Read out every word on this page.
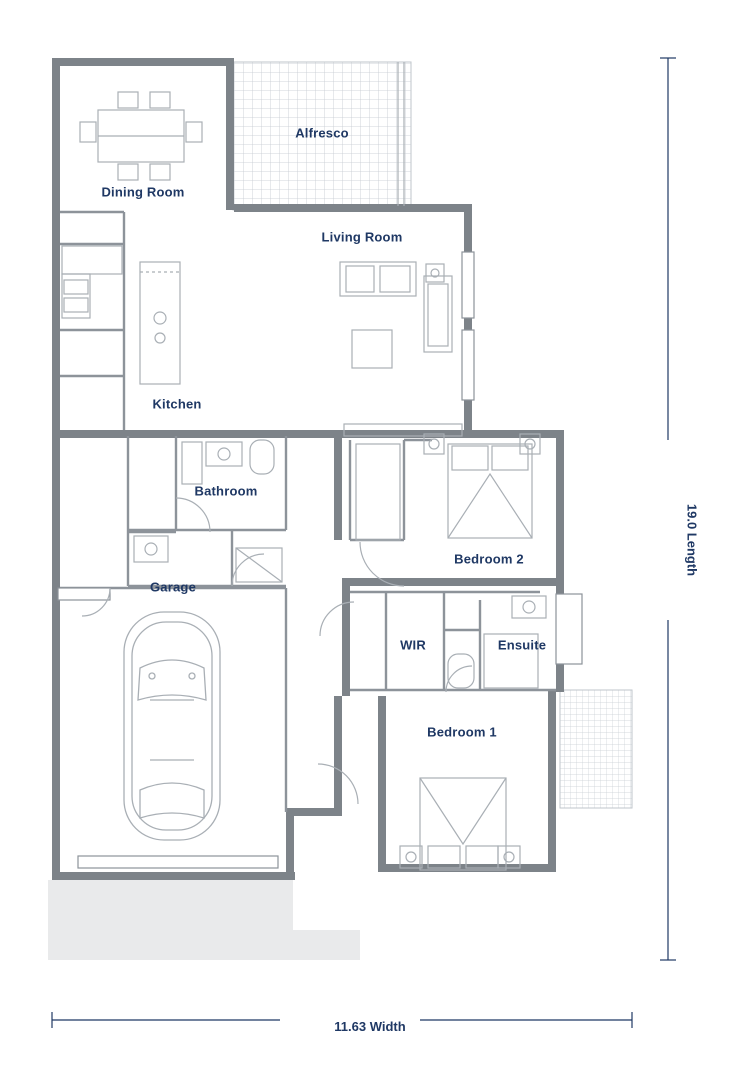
Alfresco
Dining Room
Living Room
Kitchen
Bathroom
Bedroom 2
Garage
WIR	Ensuite
Bedroom 1
11.63 Width
19.0 Length
